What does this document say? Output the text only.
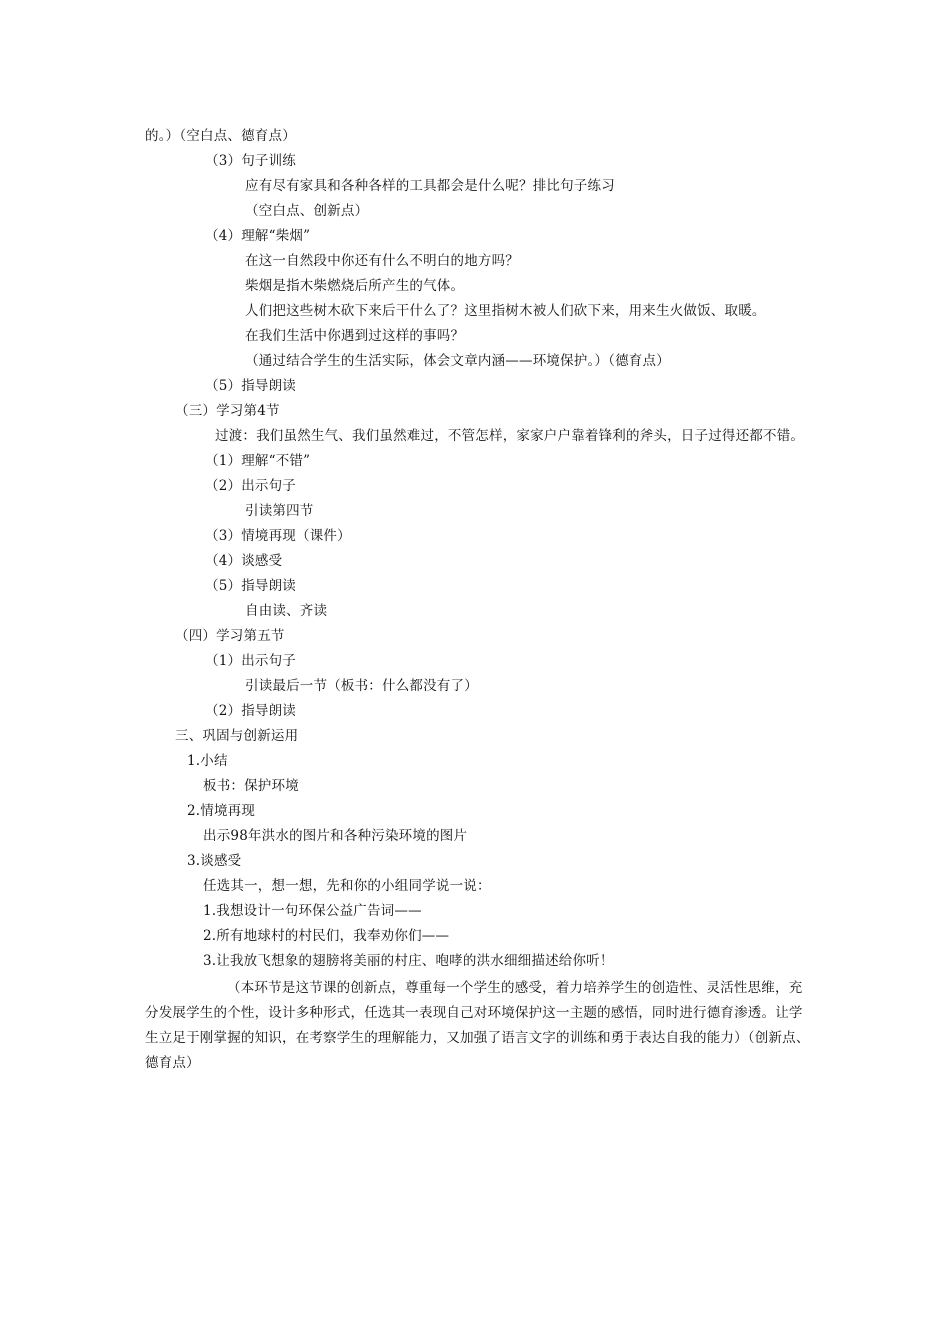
的。）（空白点、德育点）
（3）句子训练
应有尽有家具和各种各样的工具都会是什么呢？排比句子练习
（空白点、创新点）
（4）理解“柴烟”
在这一自然段中你还有什么不明白的地方吗？
柴烟是指木柴燃烧后所产生的气体。
人们把这些树木砍下来后干什么了？这里指树木被人们砍下来，用来生火做饭、取暖。
在我们生活中你遇到过这样的事吗？
（通过结合学生的生活实际，体会文章内涵——环境保护。）（德育点）
（5）指导朗读
（三）学习第4节
过渡：我们虽然生气、我们虽然难过，不管怎样，家家户户靠着锋利的斧头，日子过得还都不错。
（1）理解“不错”
（2）出示句子
引读第四节
（3）情境再现（课件）
（4）谈感受
（5）指导朗读
自由读、齐读
（四）学习第五节
（1）出示句子
引读最后一节（板书：什么都没有了）
（2）指导朗读
三、巩固与创新运用
1.小结
板书：保护环境
2.情境再现
出示98年洪水的图片和各种污染环境的图片
3.谈感受
任选其一，想一想，先和你的小组同学说一说：
1.我想设计一句环保公益广告词——
2.所有地球村的村民们，我奉劝你们——
3.让我放飞想象的翅膀将美丽的村庄、咆哮的洪水细细描述给你听！
（本环节是这节课的创新点，尊重每一个学生的感受，着力培养学生的创造性、灵活性思维，充分发展学生的个性，设计多种形式，任选其一表现自己对环境保护这一主题的感悟，同时进行德育渗透。让学生立足于刚掌握的知识，在考察学生的理解能力，又加强了语言文字的训练和勇于表达自我的能力）（创新点、德育点）
